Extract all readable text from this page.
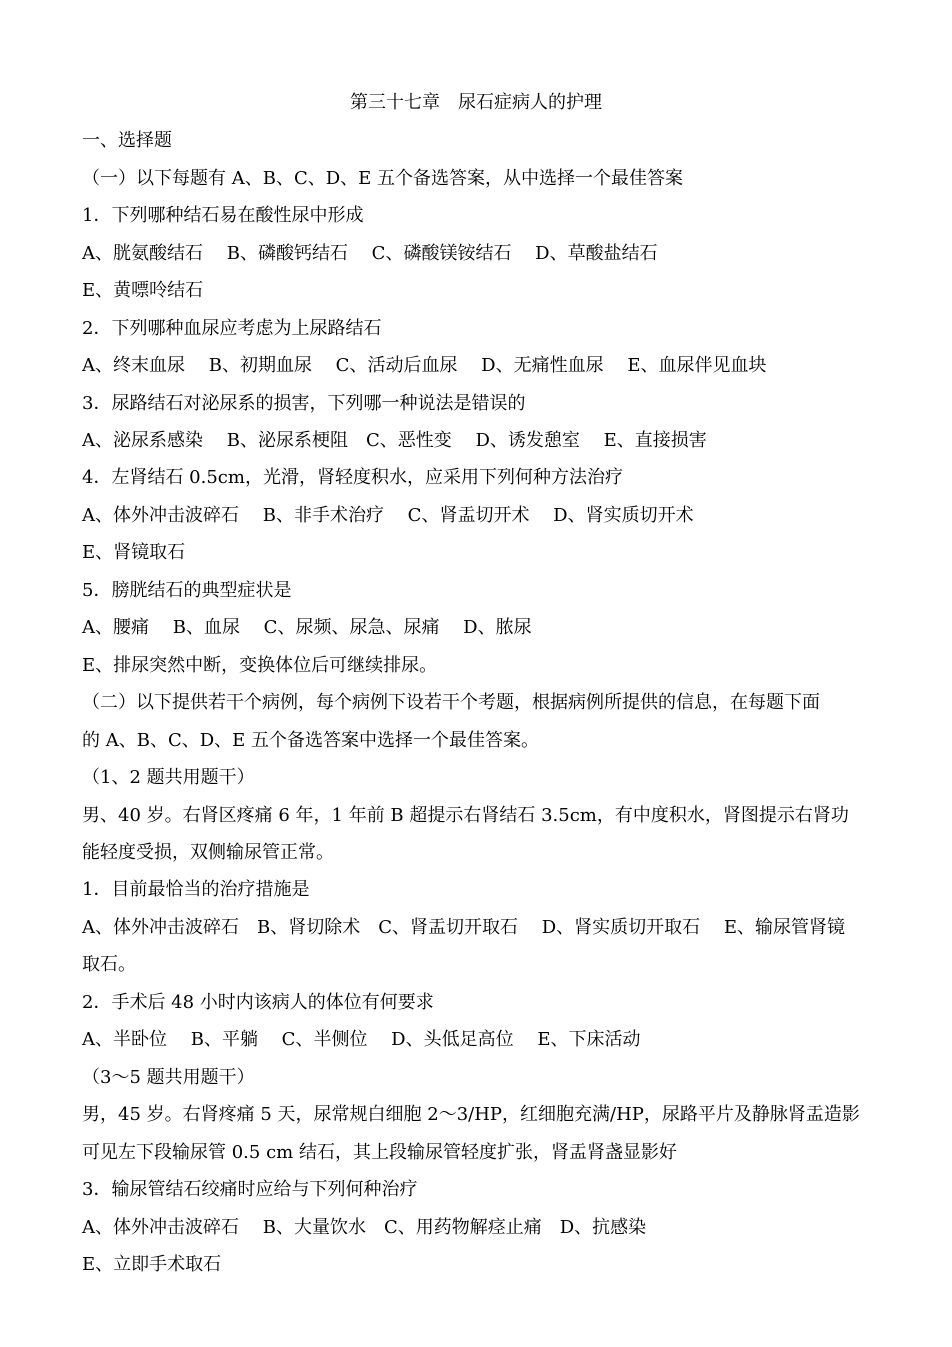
第三十七章　尿石症病人的护理
一、选择题
（一）以下每题有 A、B、C、D、E 五个备选答案，从中选择一个最佳答案
1．下列哪种结石易在酸性尿中形成
A、胱氨酸结石　 B、磷酸钙结石　 C、磷酸镁铵结石　 D、草酸盐结石
E、黄嘌呤结石
2．下列哪种血尿应考虑为上尿路结石
A、终末血尿　 B、初期血尿　 C、活动后血尿　 D、无痛性血尿　 E、血尿伴见血块
3．尿路结石对泌尿系的损害，下列哪一种说法是错误的
A、泌尿系感染　 B、泌尿系梗阻　C、恶性变　 D、诱发憩室　 E、直接损害
4．左肾结石 0.5cm，光滑，肾轻度积水，应采用下列何种方法治疗
A、体外冲击波碎石　 B、非手术治疗　 C、肾盂切开术　 D、肾实质切开术
E、肾镜取石
5．膀胱结石的典型症状是
A、腰痛　 B、血尿　 C、尿频、尿急、尿痛　 D、脓尿
E、排尿突然中断，变换体位后可继续排尿。
（二）以下提供若干个病例，每个病例下设若干个考题，根据病例所提供的信息，在每题下面
的 A、B、C、D、E 五个备选答案中选择一个最佳答案。
（1、2 题共用题干）
男、40 岁。右肾区疼痛 6 年，1 年前 B 超提示右肾结石 3.5cm，有中度积水，肾图提示右肾功
能轻度受损，双侧输尿管正常。
1．目前最恰当的治疗措施是
A、体外冲击波碎石　B、肾切除术　C、肾盂切开取石　 D、肾实质切开取石　 E、输尿管肾镜
取石。
2．手术后 48 小时内该病人的体位有何要求
A、半卧位　 B、平躺　 C、半侧位　 D、头低足高位　 E、下床活动
（3～5 题共用题干）
男，45 岁。右肾疼痛 5 天，尿常规白细胞 2～3/HP，红细胞充满/HP，尿路平片及静脉肾盂造影
可见左下段输尿管 0.5 cm 结石，其上段输尿管轻度扩张，肾盂肾盏显影好
3．输尿管结石绞痛时应给与下列何种治疗
A、体外冲击波碎石　 B、大量饮水　C、用药物解痉止痛　D、抗感染
E、立即手术取石
